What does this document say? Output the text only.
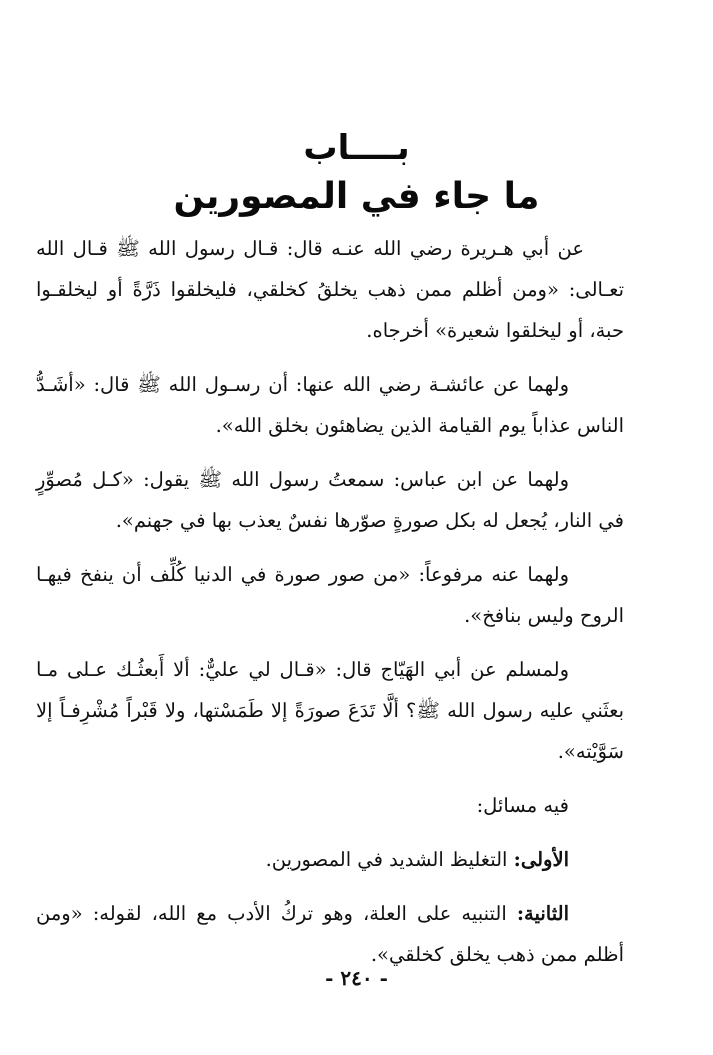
بــــاب
ما جاء في المصورين

عن أبي هـريرة رضي الله عنـه قال: قـال رسول الله ﷺ قـال الله تعـالى: «ومن أظلم ممن ذهب يخلقُ كخلقي، فليخلقوا ذَرَّةً أو ليخلقـوا حبة، أو ليخلقوا شعيرة» أخرجاه.

ولهما عن عائشـة رضي الله عنها: أن رسـول الله ﷺ قال: «أشَـدُّ الناس عذاباً يوم القيامة الذين يضاهئون بخلق الله».

ولهما عن ابن عباس: سمعتُ رسول الله ﷺ يقول: «كـل مُصوِّرٍ في النار، يُجعل له بكل صورةٍ صوّرها نفسٌ يعذب بها في جهنم».

ولهما عنه مرفوعاً: «من صور صورة في الدنيا كُلِّف أن ينفخ فيهـا الروح وليس بنافخ».

ولمسلم عن أبي الهَيّاج قال: «قـال لي عليٌّ: ألا أَبعثُـك عـلى مـا بعثَني عليه رسول الله ﷺ؟ ألَّا تَدَعَ صورَةً إلا طَمَسْتها، ولا قَبْراً مُشْرِفـاً إلا سَوَّيْته».

فيه مسائل:

الأولى: التغليظ الشديد في المصورين.

الثانية: التنبيه على العلة، وهو تركُ الأدب مع الله، لقوله: «ومن أظلم ممن ذهب يخلق كخلقي».

- ٢٤٠ -
